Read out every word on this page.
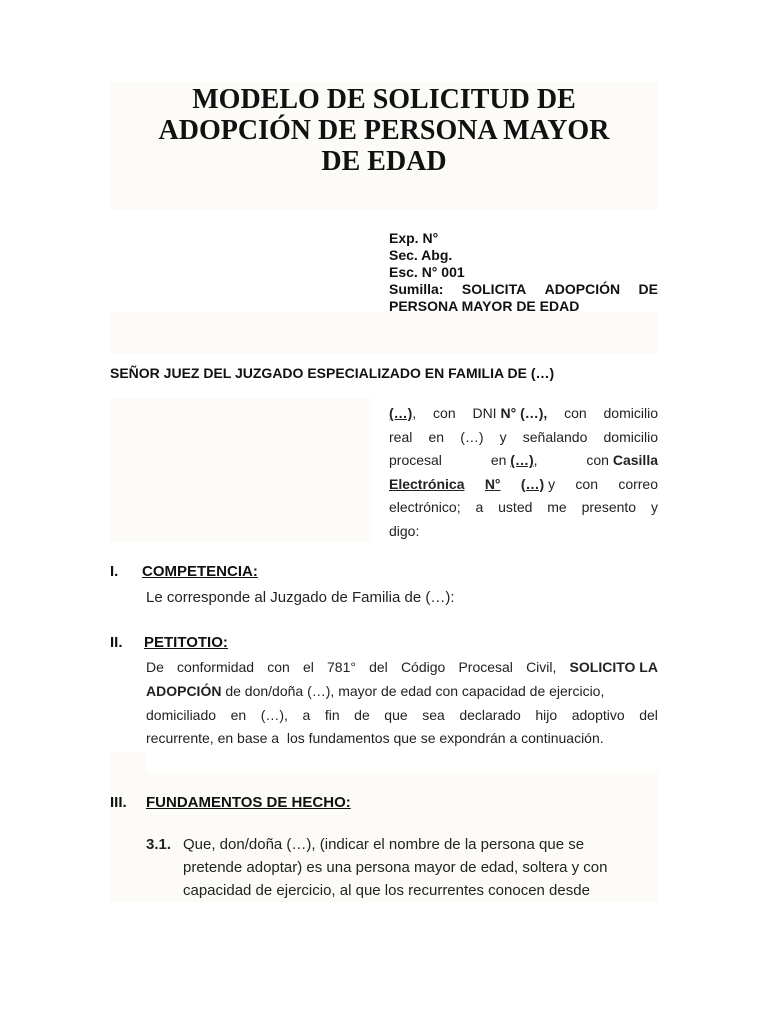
MODELO DE SOLICITUD DE
ADOPCIÓN DE PERSONA MAYOR
DE EDAD
Exp. N°
Sec. Abg.
Esc. N° 001
Sumilla: SOLICITA ADOPCIÓN DE
PERSONA MAYOR DE EDAD
SEÑOR JUEZ DEL JUZGADO ESPECIALIZADO EN FAMILIA DE (…)
(…), con DNI N° (…), con domicilio
real en (…) y señalando domicilio
procesal	en (…),	con Casilla
Electrónica N° (…) y con correo
electrónico; a usted me presento y
digo:
I. COMPETENCIA:
Le corresponde al Juzgado de Familia de (…):
II. PETITOTIO:
De conformidad con el 781° del Código Procesal Civil, SOLICITO LA
ADOPCIÓN de don/doña (…), mayor de edad con capacidad de ejercicio,
domiciliado en (…), a fin de que sea declarado hijo adoptivo del
recurrente, en base a  los fundamentos que se expondrán a continuación.
III. FUNDAMENTOS DE HECHO:
3.1. Que, don/doña (…), (indicar el nombre de la persona que se
pretende adoptar) es una persona mayor de edad, soltera y con
capacidad de ejercicio, al que los recurrentes conocen desde
